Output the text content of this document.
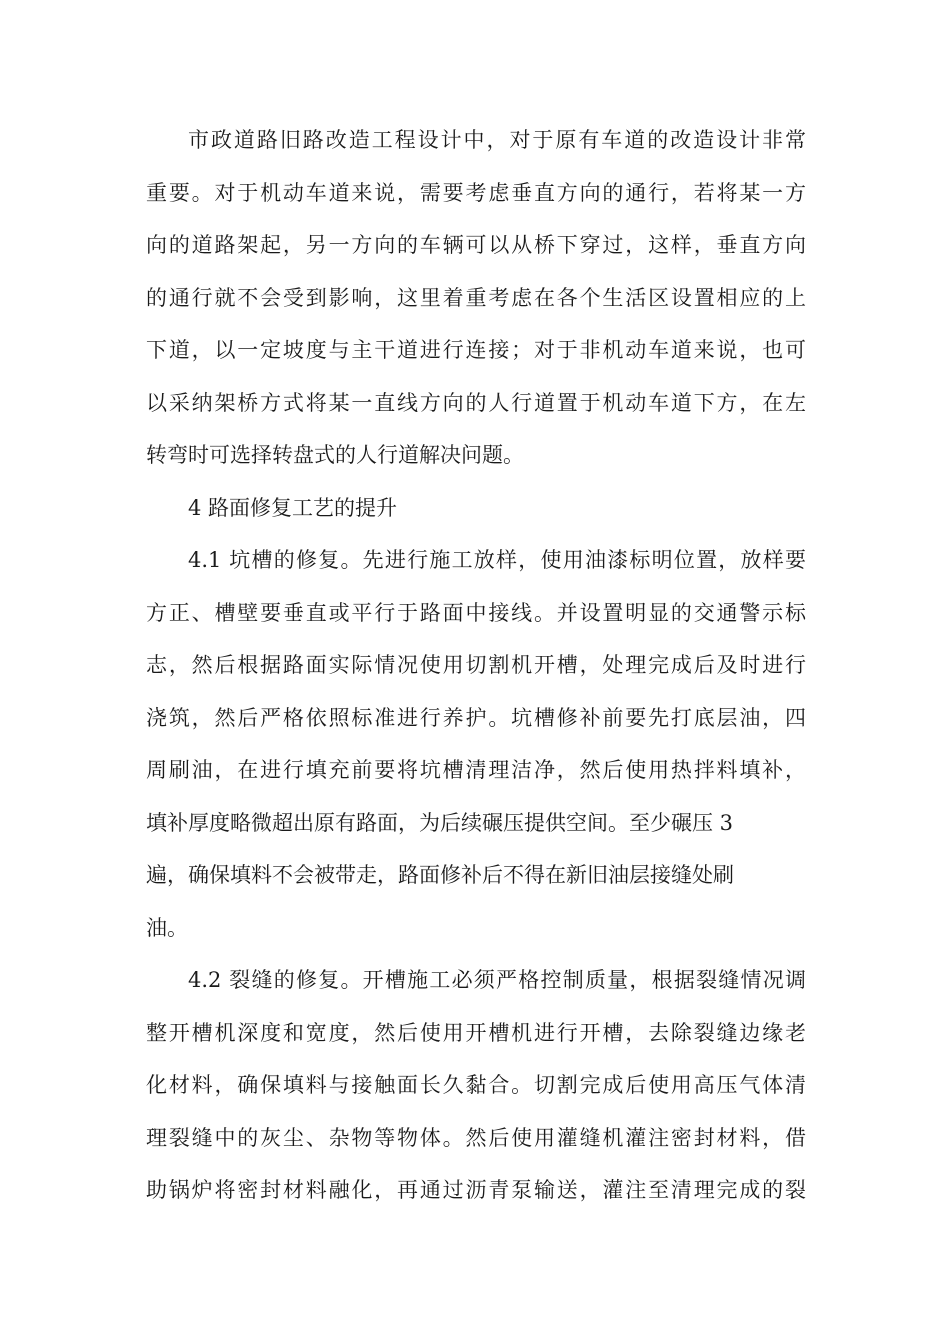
市政道路旧路改造工程设计中，对于原有车道的改造设计非常
重要。对于机动车道来说，需要考虑垂直方向的通行，若将某一方
向的道路架起，另一方向的车辆可以从桥下穿过，这样，垂直方向
的通行就不会受到影响，这里着重考虑在各个生活区设置相应的上
下道，以一定坡度与主干道进行连接；对于非机动车道来说，也可
以采纳架桥方式将某一直线方向的人行道置于机动车道下方，在左
转弯时可选择转盘式的人行道解决问题。
4 路面修复工艺的提升
4.1 坑槽的修复。先进行施工放样，使用油漆标明位置，放样要
方正、槽壁要垂直或平行于路面中接线。并设置明显的交通警示标
志，然后根据路面实际情况使用切割机开槽，处理完成后及时进行
浇筑，然后严格依照标准进行养护。坑槽修补前要先打底层油，四
周刷油，在进行填充前要将坑槽清理洁净，然后使用热拌料填补，
填补厚度略微超出原有路面，为后续碾压提供空间。至少碾压 3
遍，确保填料不会被带走，路面修补后不得在新旧油层接缝处刷
油。
4.2 裂缝的修复。开槽施工必须严格控制质量，根据裂缝情况调
整开槽机深度和宽度，然后使用开槽机进行开槽，去除裂缝边缘老
化材料，确保填料与接触面长久黏合。切割完成后使用高压气体清
理裂缝中的灰尘、杂物等物体。然后使用灌缝机灌注密封材料，借
助锅炉将密封材料融化，再通过沥青泵输送，灌注至清理完成的裂
